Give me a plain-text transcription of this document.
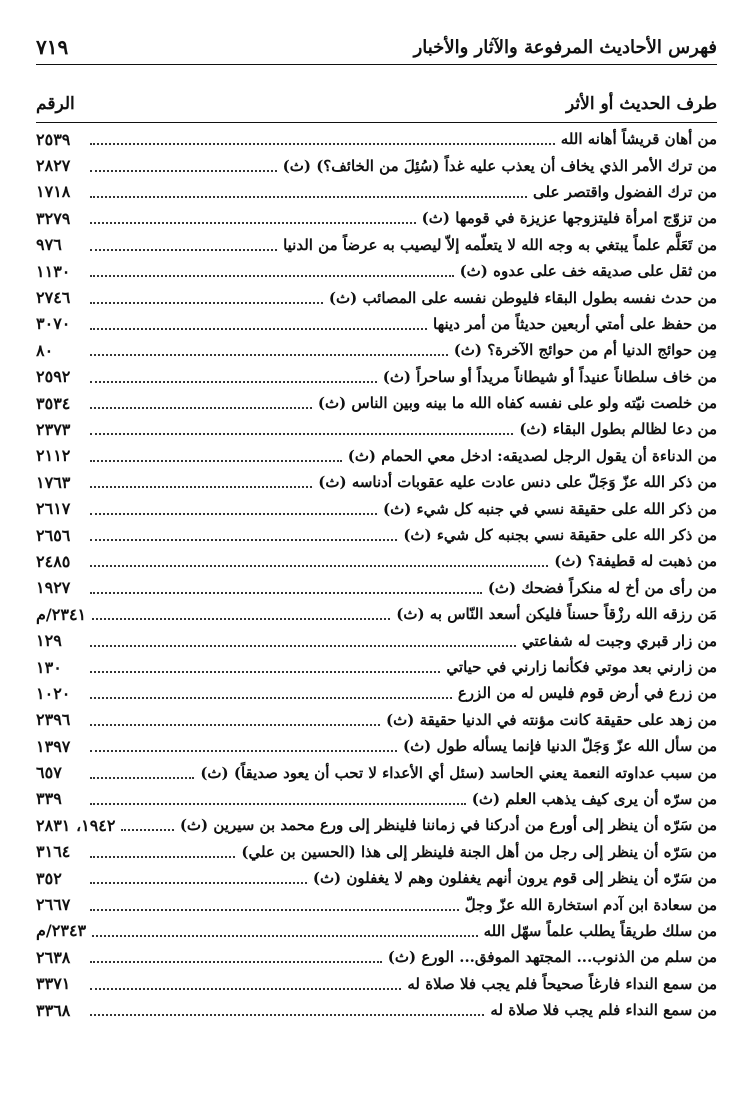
٧١٩	فهرس الأحاديث المرفوعة والآثار والأخبار
الرقم	طرف الحديث أو الأثر
من أهان قريشاً أهانه الله
٢٥٣٩
من ترك الأمر الذي يخاف أن يعذب عليه غداً (سُئِلَ من الخائف؟) (ث)
٢٨٢٧
من ترك الفضول واقتصر على
١٧١٨
من تزوّج امرأة فليتزوجها عزيزة في قومها (ث)
٣٢٧٩
من تَعَلَّم علماً يبتغي به وجه الله لا يتعلّمه إلاّ ليصيب به عرضاً من الدنيا
٩٧٦
من ثقل على صديقه خف على عدوه (ث)
١١٣٠
من حدث نفسه بطول البقاء فليوطن نفسه على المصائب (ث)
٢٧٤٦
من حفظ على أمتي أربعين حديثاً من أمر دينها
٣٠٧٠
مِن حوائج الدنيا أم من حوائج الآخرة؟ (ث)
٨٠
من خاف سلطاناً عنيداً أو شيطاناً مريداً أو ساحراً (ث)
٢٥٩٢
من خلصت نيّته ولو على نفسه كفاه الله ما بينه وبين الناس (ث)
٣٥٣٤
من دعا لظالم بطول البقاء (ث)
٢٣٧٣
من الدناءة أن يقول الرجل لصديقه: ادخل معي الحمام (ث)
٢١١٢
من ذكر الله عزّ وَجَلّ على دنس عادت عليه عقوبات أدناسه (ث)
١٧٦٣
من ذكر الله على حقيقة نسي في جنبه كل شيء (ث)
٢٦١٧
من ذكر الله على حقيقة نسي بجنبه كل شيء (ث)
٢٦٥٦
من ذهبت له قطيفة؟ (ث)
٢٤٨٥
من رأى من أخ له منكراً فضحك (ث)
١٩٢٧
مَن رزقه الله رزْقاً حسناً فليكن أسعد النّاس به (ث)
٢٣٤١/م
من زار قبري وجبت له شفاعتي
١٢٩
من زارني بعد موتي فكأنما زارني في حياتي
١٣٠
من زرع في أرض قوم فليس له من الزرع
١٠٢٠
من زهد على حقيقة كانت مؤنته في الدنيا حقيقة (ث)
٢٣٩٦
من سأل الله عزّ وَجَلّ الدنيا فإنما يسأله طول (ث)
١٣٩٧
من سبب عداوته النعمة يعني الحاسد (سئل أي الأعداء لا تحب أن يعود صديقاً) (ث)
٦٥٧
من سرّه أن يرى كيف يذهب العلم (ث)
٣٣٩
من سَرّه أن ينظر إلى أورع من أدركنا في زماننا فلينظر إلى ورع محمد بن سيرين (ث)
١٩٤٢، ٢٨٣١
من سَرّه أن ينظر إلى رجل من أهل الجنة فلينظر إلى هذا (الحسين بن علي)
٣١٦٤
من سَرّه أن ينظر إلى قوم يرون أنهم يغفلون وهم لا يغفلون (ث)
٣٥٢
من سعادة ابن آدم استخارة الله عزّ وجلّ
٢٦٦٧
من سلك طريقاً يطلب علماً سهّل الله
٢٣٤٣/م
من سلم من الذنوب... المجتهد الموفق... الورع (ث)
٢٦٣٨
من سمع النداء فارغاً صحيحاً فلم يجب فلا صلاة له
٣٣٧١
من سمع النداء فلم يجب فلا صلاة له
٣٣٦٨
